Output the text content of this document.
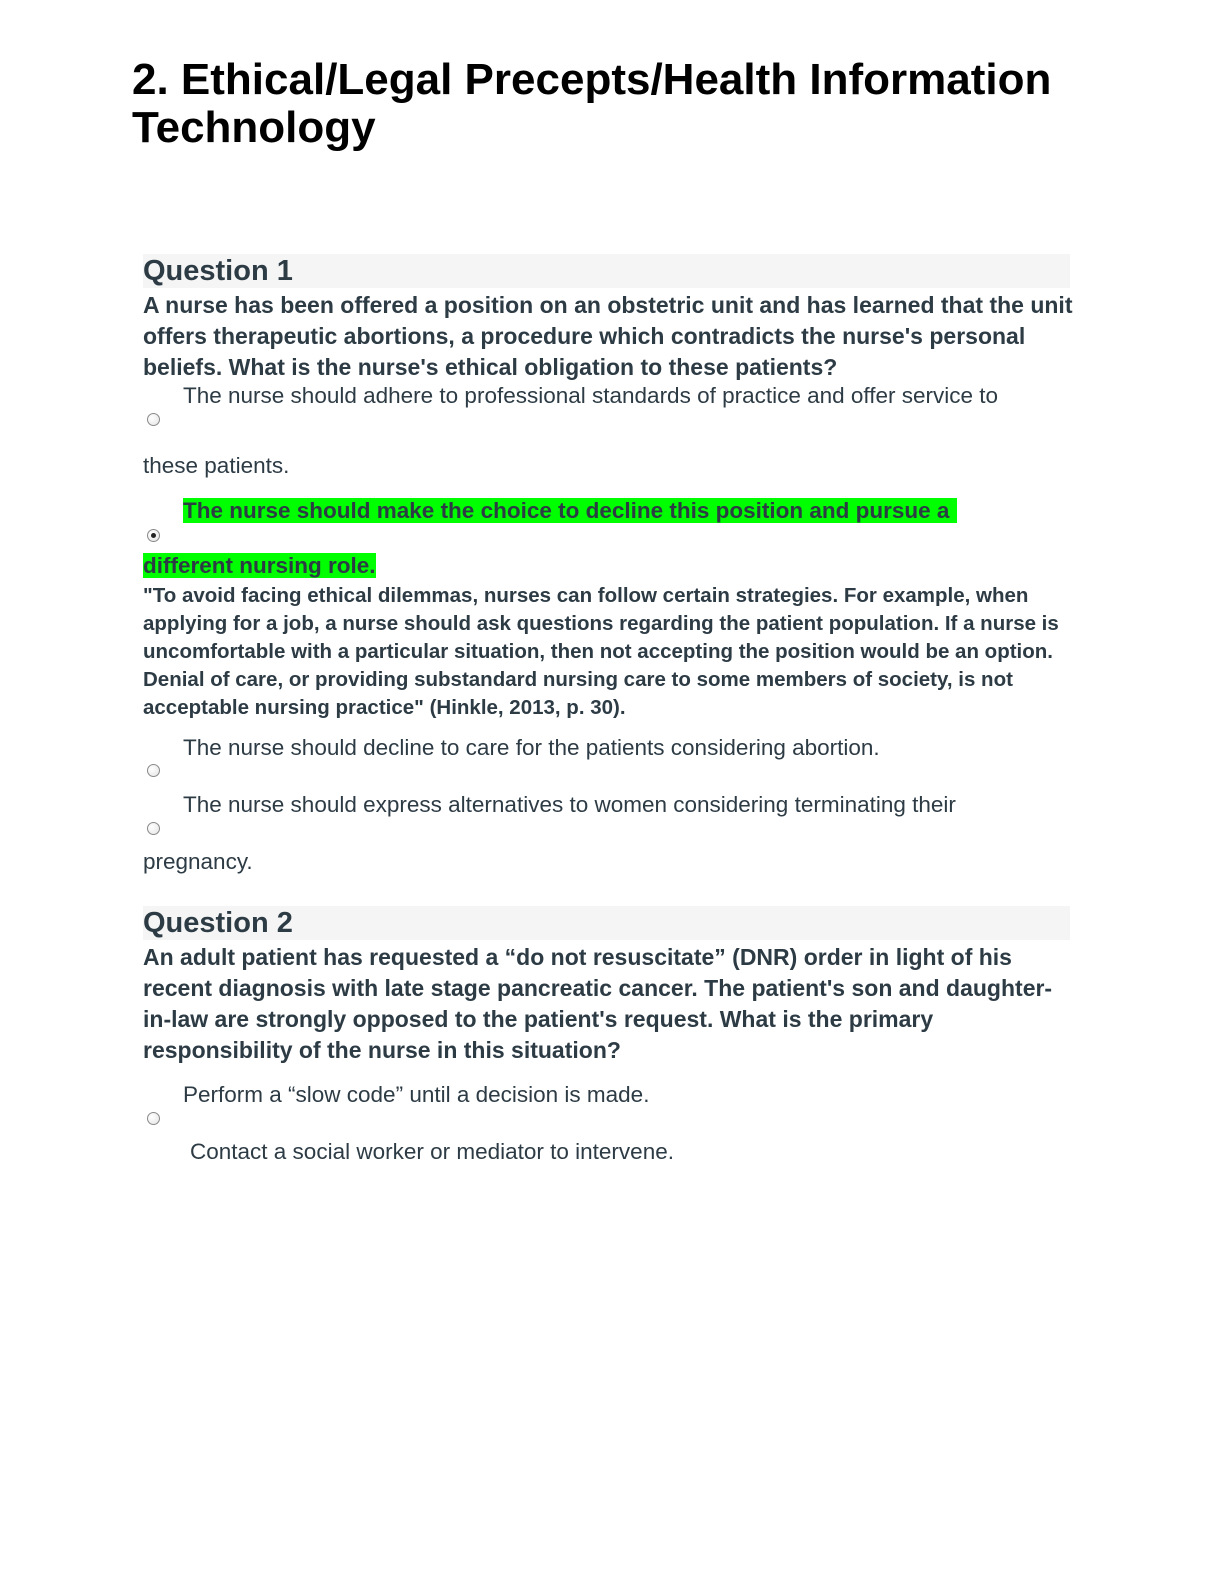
2. Ethical/Legal Precepts/Health Information Technology
Question 1
A nurse has been offered a position on an obstetric unit and has learned that the unit offers therapeutic abortions, a procedure which contradicts the nurse's personal beliefs. What is the nurse's ethical obligation to these patients?
The nurse should adhere to professional standards of practice and offer service to
these patients.
The nurse should make the choice to decline this position and pursue a
different nursing role.
"To avoid facing ethical dilemmas, nurses can follow certain strategies. For example, when applying for a job, a nurse should ask questions regarding the patient population. If a nurse is uncomfortable with a particular situation, then not accepting the position would be an option. Denial of care, or providing substandard nursing care to some members of society, is not acceptable nursing practice" (Hinkle, 2013, p. 30).
The nurse should decline to care for the patients considering abortion.
The nurse should express alternatives to women considering terminating their
pregnancy.
Question 2
An adult patient has requested a “do not resuscitate” (DNR) order in light of his recent diagnosis with late stage pancreatic cancer. The patient's son and daughter-in-law are strongly opposed to the patient's request. What is the primary responsibility of the nurse in this situation?
Perform a “slow code” until a decision is made.
Contact a social worker or mediator to intervene.
